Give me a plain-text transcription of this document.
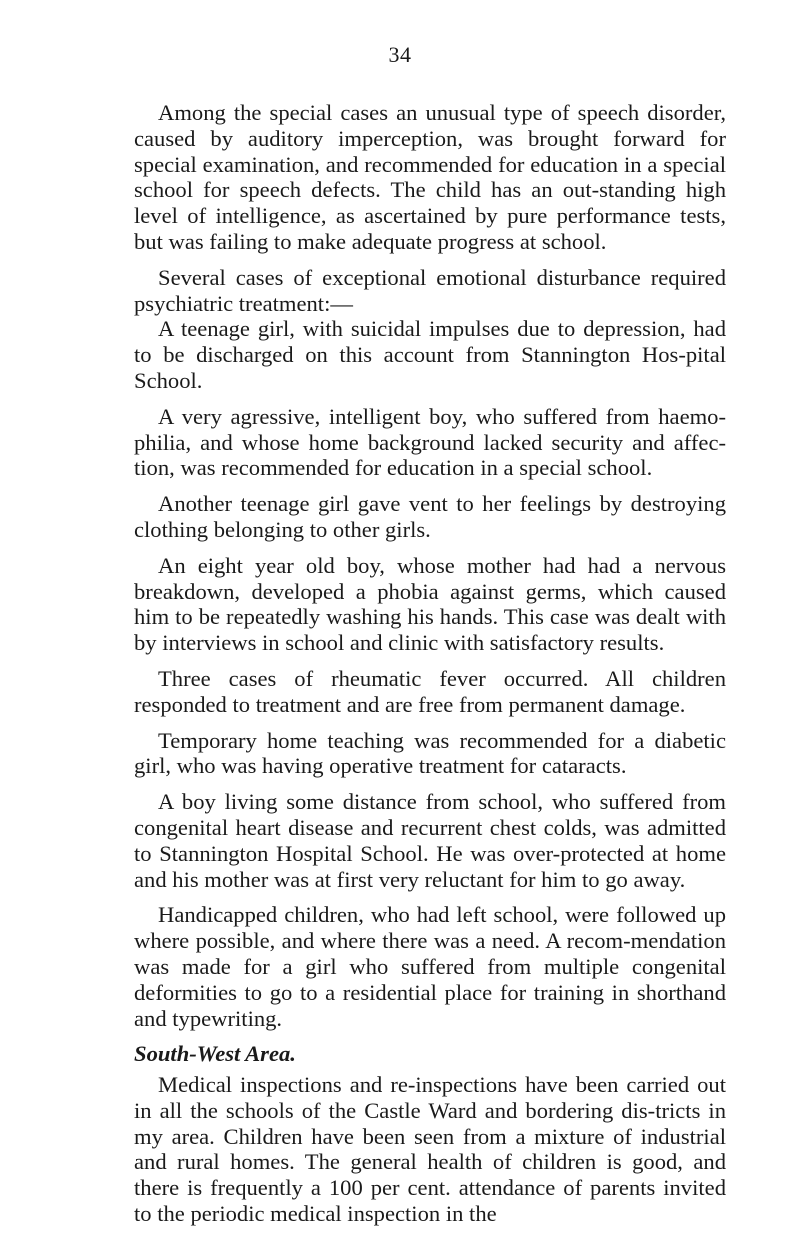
34

Among the special cases an unusual type of speech disorder, caused by auditory imperception, was brought forward for special examination, and recommended for education in a special school for speech defects. The child has an out-standing high level of intelligence, as ascertained by pure performance tests, but was failing to make adequate progress at school.

Several cases of exceptional emotional disturbance required psychiatric treatment:—

A teenage girl, with suicidal impulses due to depression, had to be discharged on this account from Stannington Hos-pital School.

A very agressive, intelligent boy, who suffered from haemo-philia, and whose home background lacked security and affec-tion, was recommended for education in a special school.

Another teenage girl gave vent to her feelings by destroying clothing belonging to other girls.

An eight year old boy, whose mother had had a nervous breakdown, developed a phobia against germs, which caused him to be repeatedly washing his hands. This case was dealt with by interviews in school and clinic with satisfactory results.

Three cases of rheumatic fever occurred. All children responded to treatment and are free from permanent damage.

Temporary home teaching was recommended for a diabetic girl, who was having operative treatment for cataracts.

A boy living some distance from school, who suffered from congenital heart disease and recurrent chest colds, was admitted to Stannington Hospital School. He was over-protected at home and his mother was at first very reluctant for him to go away.

Handicapped children, who had left school, were followed up where possible, and where there was a need. A recom-mendation was made for a girl who suffered from multiple congenital deformities to go to a residential place for training in shorthand and typewriting.

South-West Area.

Medical inspections and re-inspections have been carried out in all the schools of the Castle Ward and bordering dis-tricts in my area. Children have been seen from a mixture of industrial and rural homes. The general health of children is good, and there is frequently a 100 per cent. attendance of parents invited to the periodic medical inspection in the
